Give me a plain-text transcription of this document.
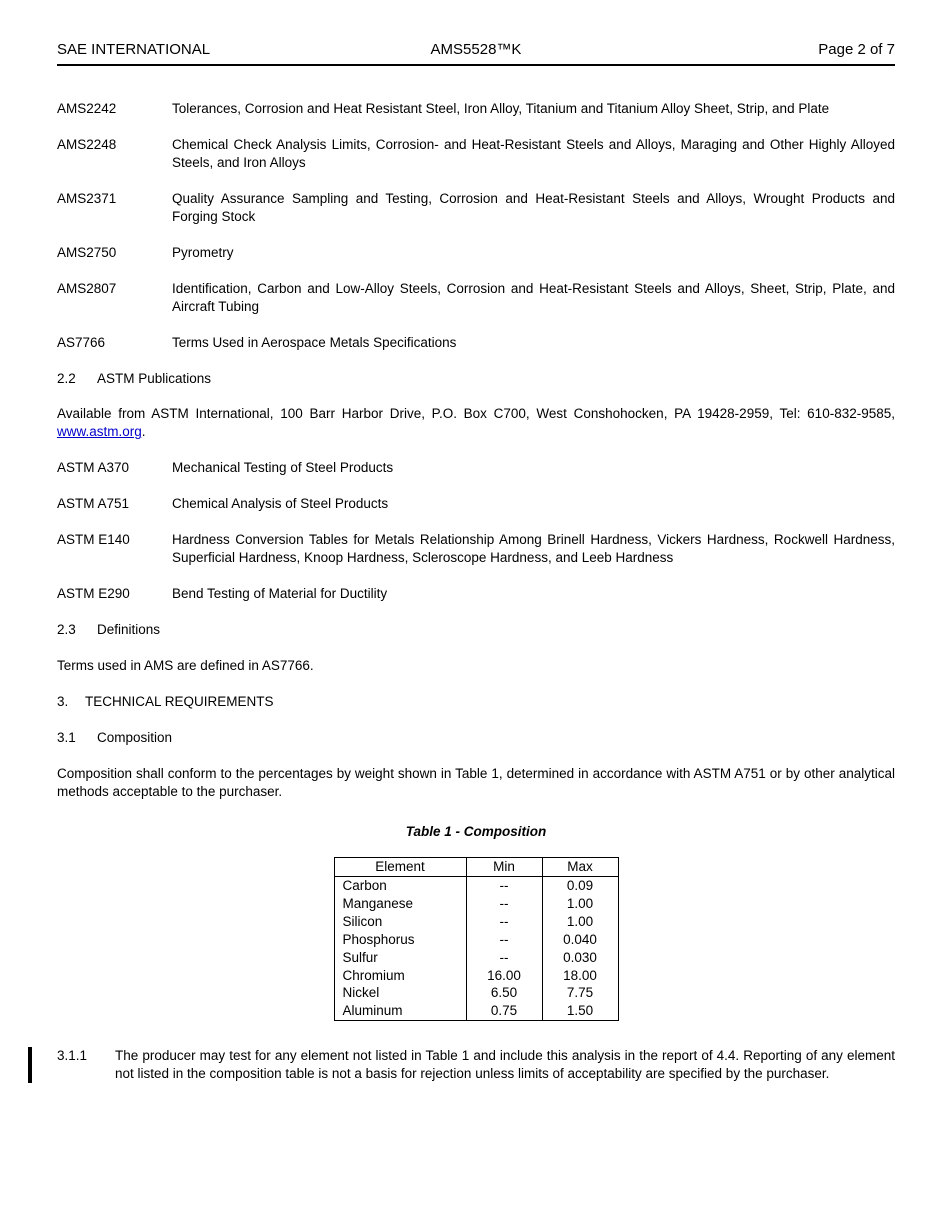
SAE INTERNATIONAL	AMS5528™K	Page 2 of 7
AMS2242	Tolerances, Corrosion and Heat Resistant Steel, Iron Alloy, Titanium and Titanium Alloy Sheet, Strip, and Plate
AMS2248	Chemical Check Analysis Limits, Corrosion- and Heat-Resistant Steels and Alloys, Maraging and Other Highly Alloyed Steels, and Iron Alloys
AMS2371	Quality Assurance Sampling and Testing, Corrosion and Heat-Resistant Steels and Alloys, Wrought Products and Forging Stock
AMS2750	Pyrometry
AMS2807	Identification, Carbon and Low-Alloy Steels, Corrosion and Heat-Resistant Steels and Alloys, Sheet, Strip, Plate, and Aircraft Tubing
AS7766	Terms Used in Aerospace Metals Specifications
2.2	ASTM Publications

Available from ASTM International, 100 Barr Harbor Drive, P.O. Box C700, West Conshohocken, PA 19428-2959, Tel: 610-832-9585, www.astm.org.

ASTM A370	Mechanical Testing of Steel Products
ASTM A751	Chemical Analysis of Steel Products
ASTM E140	Hardness Conversion Tables for Metals Relationship Among Brinell Hardness, Vickers Hardness, Rockwell Hardness, Superficial Hardness, Knoop Hardness, Scleroscope Hardness, and Leeb Hardness
ASTM E290	Bend Testing of Material for Ductility
2.3	Definitions

Terms used in AMS are defined in AS7766.

3.	TECHNICAL REQUIREMENTS
3.1	Composition

Composition shall conform to the percentages by weight shown in Table 1, determined in accordance with ASTM A751 or by other analytical methods acceptable to the purchaser.

Table 1 - Composition
Element	Min	Max
Carbon	--	0.09
Manganese	--	1.00
Silicon	--	1.00
Phosphorus	--	0.040
Sulfur	--	0.030
Chromium	16.00	18.00
Nickel	6.50	7.75
Aluminum	0.75	1.50
3.1.1	The producer may test for any element not listed in Table 1 and include this analysis in the report of 4.4. Reporting of any element not listed in the composition table is not a basis for rejection unless limits of acceptability are specified by the purchaser.
